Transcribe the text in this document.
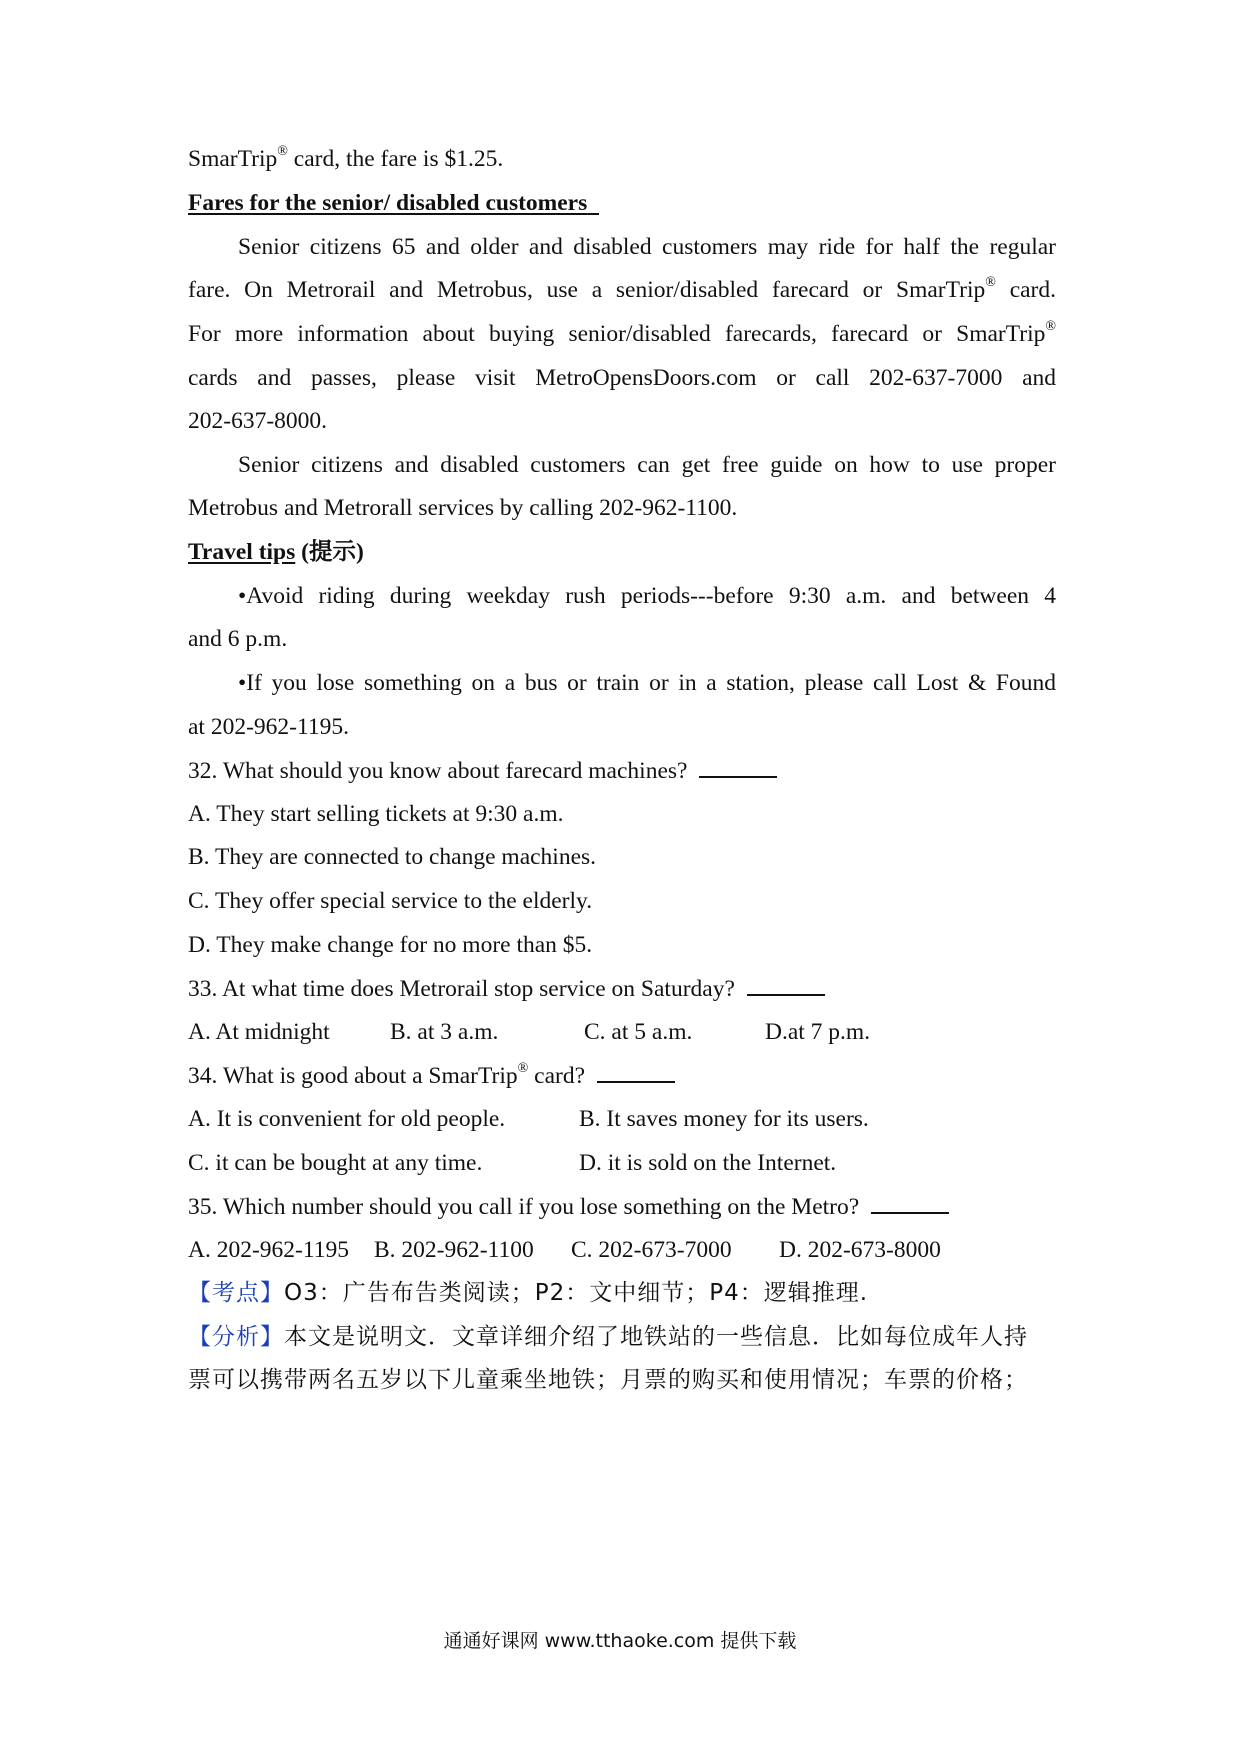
SmarTrip® card, the fare is $1.25.
Fares for the senior/ disabled customers
Senior citizens 65 and older and disabled customers may ride for half the regular
fare. On Metrorail and Metrobus, use a senior/disabled farecard or SmarTrip® card.
For more information about buying senior/disabled farecards, farecard or SmarTrip®
cards and passes, please visit MetroOpensDoors.com or call 202-637-7000 and
202-637-8000.
Senior citizens and disabled customers can get free guide on how to use proper
Metrobus and Metrorall services by calling 202-962-1100.
Travel tips (提示)
•Avoid riding during weekday rush periods---before 9:30 a.m. and between 4
and 6 p.m.
•If you lose something on a bus or train or in a station, please call Lost & Found
at 202-962-1195.
32. What should you know about farecard machines?
A. They start selling tickets at 9:30 a.m.
B. They are connected to change machines.
C. They offer special service to the elderly.
D. They make change for no more than $5.
33. At what time does Metrorail stop service on Saturday?
A. At midnight	B. at 3 a.m.	C. at 5 a.m.	D.at 7 p.m.
34. What is good about a SmarTrip® card?
A. It is convenient for old people.	B. It saves money for its users.
C. it can be bought at any time.	D. it is sold on the Internet.
35. Which number should you call if you lose something on the Metro?
A. 202-962-1195 B. 202-962-1100 C. 202-673-7000 D. 202-673-8000
【考点】O3：广告布告类阅读；P2：文中细节；P4：逻辑推理.
【分析】本文是说明文．文章详细介绍了地铁站的一些信息．比如每位成年人持
票可以携带两名五岁以下儿童乘坐地铁；月票的购买和使用情况；车票的价格；
通通好课网 www.tthaoke.com 提供下载
